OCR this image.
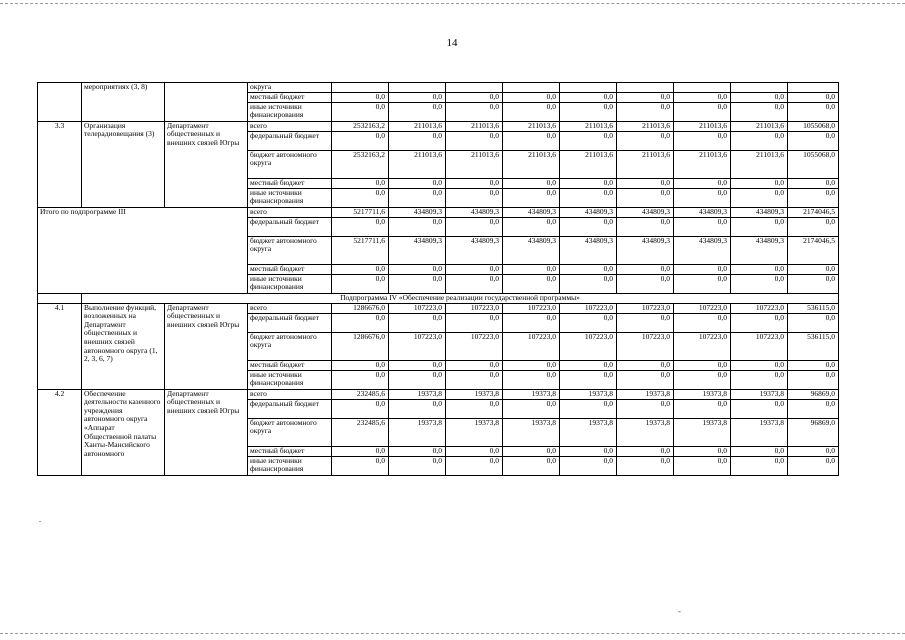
14
	мероприятиях (3, 8)		округа									
			местный бюджет	0,0	0,0	0,0	0,0	0,0	0,0	0,0	0,0	0,0
			иные источники финансирования	0,0	0,0	0,0	0,0	0,0	0,0	0,0	0,0	0,0
3.3	Организация телерадиовещания (3)	Департамент общественных и внешних связей Югры	всего	2532163,2	211013,6	211013,6	211013,6	211013,6	211013,6	211013,6	211013,6	1055068,0
			федеральный бюджет	0,0	0,0	0,0	0,0	0,0	0,0	0,0	0,0	0,0
			бюджет автономного округа	2532163,2	211013,6	211013,6	211013,6	211013,6	211013,6	211013,6	211013,6	1055068,0
			местный бюджет	0,0	0,0	0,0	0,0	0,0	0,0	0,0	0,0	0,0
			иные источники финансирования	0,0	0,0	0,0	0,0	0,0	0,0	0,0	0,0	0,0
Итого по подпрограмме III			всего	5217711,6	434809,3	434809,3	434809,3	434809,3	434809,3	434809,3	434809,3	2174046,5
			федеральный бюджет	0,0	0,0	0,0	0,0	0,0	0,0	0,0	0,0	0,0
			бюджет автономного округа	5217711,6	434809,3	434809,3	434809,3	434809,3	434809,3	434809,3	434809,3	2174046,5
			местный бюджет	0,0	0,0	0,0	0,0	0,0	0,0	0,0	0,0	0,0
			иные источники финансирования	0,0	0,0	0,0	0,0	0,0	0,0	0,0	0,0	0,0
	Подпрограмма IV «Обеспечение реализации государственной программы»											
4.1	Выполнение функций, возложенных на Департамент общественных и внешних связей автономного округа (1, 2, 3, 6, 7)	Департамент общественных и внешних связей Югры	всего	1286676,0	107223,0	107223,0	107223,0	107223,0	107223,0	107223,0	107223,0	536115,0
			федеральный бюджет	0,0	0,0	0,0	0,0	0,0	0,0	0,0	0,0	0,0
			бюджет автономного округа	1286676,0	107223,0	107223,0	107223,0	107223,0	107223,0	107223,0	107223,0	536115,0
			местный бюджет	0,0	0,0	0,0	0,0	0,0	0,0	0,0	0,0	0,0
			иные источники финансирования	0,0	0,0	0,0	0,0	0,0	0,0	0,0	0,0	0,0
4.2	Обеспечение деятельности казенного учреждения автономного округа «Аппарат Общественной палаты Ханты-Мансийского автономного	Департамент общественных и внешних связей Югры	всего	232485,6	19373,8	19373,8	19373,8	19373,8	19373,8	19373,8	19373,8	96869,0
			федеральный бюджет	0,0	0,0	0,0	0,0	0,0	0,0	0,0	0,0	0,0
			бюджет автономного округа	232485,6	19373,8	19373,8	19373,8	19373,8	19373,8	19373,8	19373,8	96869,0
			местный бюджет	0,0	0,0	0,0	0,0	0,0	0,0	0,0	0,0	0,0
			иные источники финансирования	0,0	0,0	0,0	0,0	0,0	0,0	0,0	0,0	0,0
.
-
